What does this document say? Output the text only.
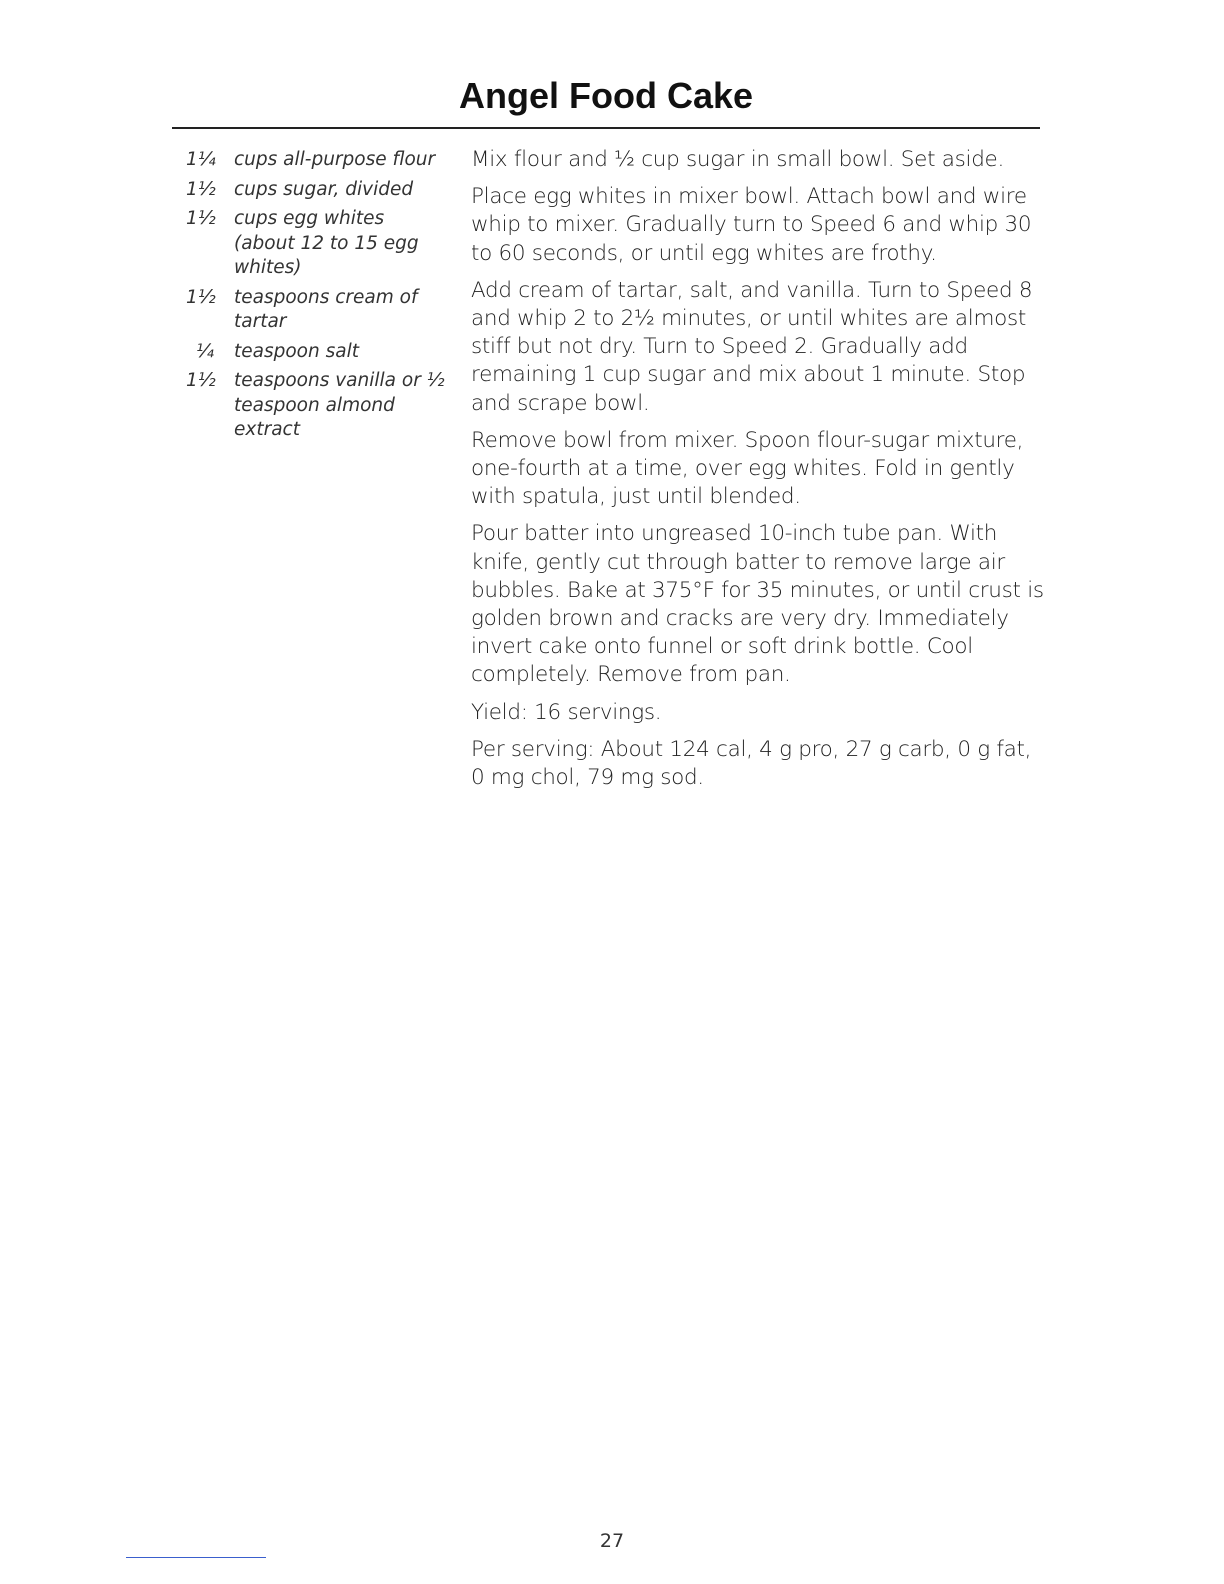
Angel Food Cake
1¼ cups all-purpose flour
1½ cups sugar, divided
1½ cups egg whites (about 12 to 15 egg whites)
1½ teaspoons cream of tartar
¼	teaspoon salt
1½ teaspoons vanilla or ½ teaspoon almond extract

Mix flour and ½ cup sugar in small bowl. Set aside.

Place egg whites in mixer bowl. Attach bowl and wire whip to mixer. Gradually turn to Speed 6 and whip 30 to 60 seconds, or until egg whites are frothy.

Add cream of tartar, salt, and vanilla. Turn to Speed 8 and whip 2 to 2½ minutes, or until whites are almost stiff but not dry. Turn to Speed 2. Gradually add remaining 1 cup sugar and mix about 1 minute. Stop and scrape bowl.

Remove bowl from mixer. Spoon flour-sugar mixture, one-fourth at a time, over egg whites. Fold in gently with spatula, just until blended.

Pour batter into ungreased 10-inch tube pan. With knife, gently cut through batter to remove large air bubbles. Bake at 375°F for 35 minutes, or until crust is golden brown and cracks are very dry. Immediately invert cake onto funnel or soft drink bottle. Cool completely. Remove from pan.

Yield: 16 servings.

Per serving: About 124 cal, 4 g pro, 27 g carb, 0 g fat, 0 mg chol, 79 mg sod.

27
